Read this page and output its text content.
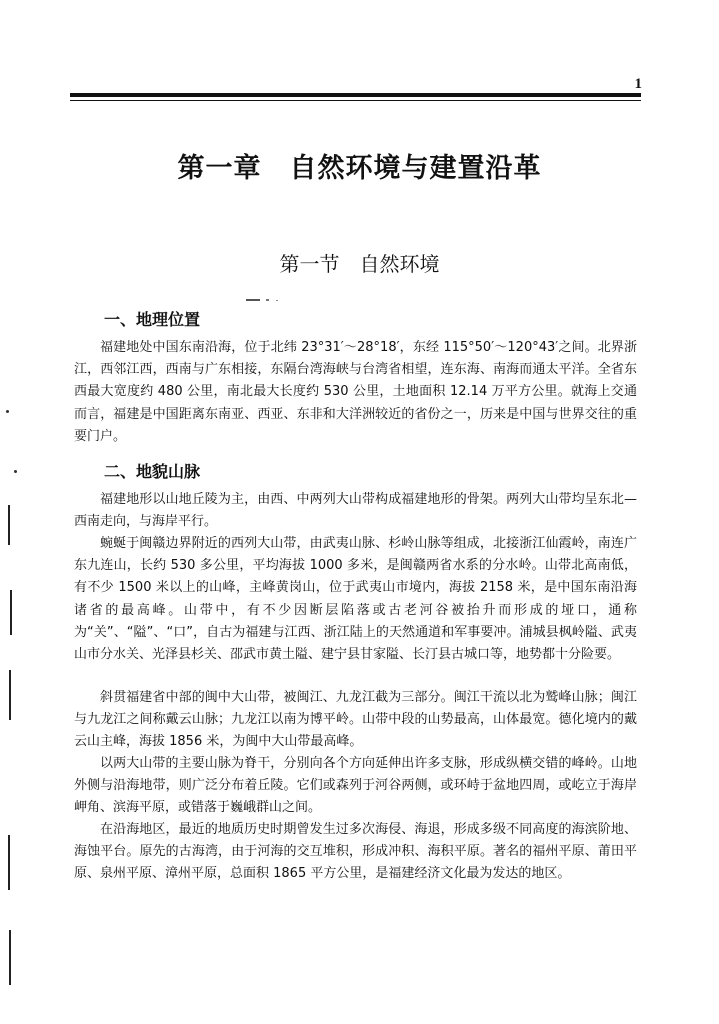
1
第一章　自然环境与建置沿革
第一节　自然环境
一、地理位置

福建地处中国东南沿海，位于北纬 23°31′～28°18′，东经 115°50′～120°43′之间。北界浙江，西邻江西，西南与广东相接，东隔台湾海峡与台湾省相望，连东海、南海而通太平洋。全省东西最大宽度约 480 公里，南北最大长度约 530 公里，土地面积 12.14 万平方公里。就海上交通而言，福建是中国距离东南亚、西亚、东非和大洋洲较近的省份之一，历来是中国与世界交往的重要门户。

二、地貌山脉

福建地形以山地丘陵为主，由西、中两列大山带构成福建地形的骨架。两列大山带均呈东北—西南走向，与海岸平行。

蜿蜒于闽赣边界附近的西列大山带，由武夷山脉、杉岭山脉等组成，北接浙江仙霞岭，南连广东九连山，长约 530 多公里，平均海拔 1000 多米，是闽赣两省水系的分水岭。山带北高南低，有不少 1500 米以上的山峰，主峰黄岗山，位于武夷山市境内，海拔 2158 米，是中国东南沿海诸省的最高峰。山带中，有不少因断层陷落或古老河谷被抬升而形成的垭口，通称为“关”、“隘”、“口”，自古为福建与江西、浙江陆上的天然通道和军事要冲。浦城县枫岭隘、武夷山市分水关、光泽县杉关、邵武市黄土隘、建宁县甘家隘、长汀县古城口等，地势都十分险要。

斜贯福建省中部的闽中大山带，被闽江、九龙江截为三部分。闽江干流以北为鹫峰山脉；闽江与九龙江之间称戴云山脉；九龙江以南为博平岭。山带中段的山势最高，山体最宽。德化境内的戴云山主峰，海拔 1856 米，为闽中大山带最高峰。

以两大山带的主要山脉为脊干，分别向各个方向延伸出许多支脉，形成纵横交错的峰岭。山地外侧与沿海地带，则广泛分布着丘陵。它们或森列于河谷两侧，或环峙于盆地四周，或屹立于海岸岬角、滨海平原，或错落于巍峨群山之间。

在沿海地区，最近的地质历史时期曾发生过多次海侵、海退，形成多级不同高度的海滨阶地、海蚀平台。原先的古海湾，由于河海的交互堆积，形成冲积、海积平原。著名的福州平原、莆田平原、泉州平原、漳州平原，总面积 1865 平方公里，是福建经济文化最为发达的地区。
